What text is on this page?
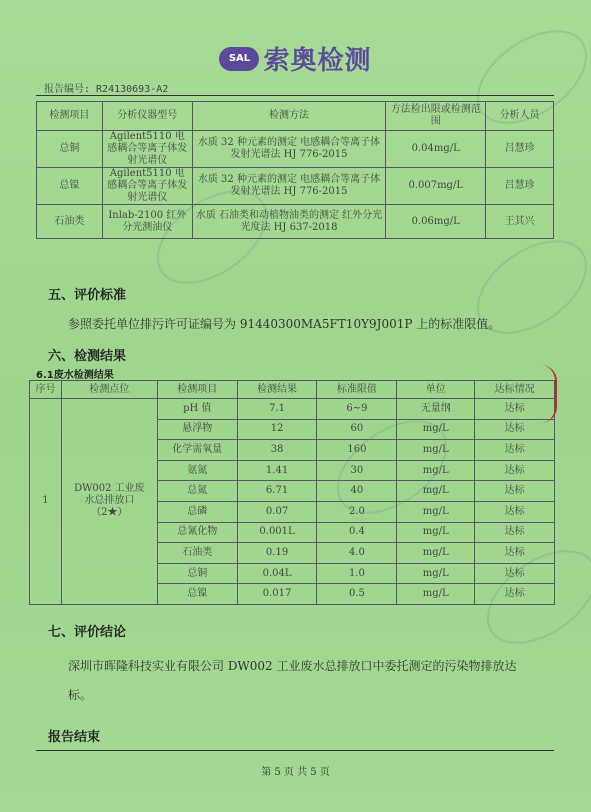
SAL 索奥检测
报告编号: R24130693-A2
检测项目	分析仪器型号	检测方法	方法检出限或检测范围	分析人员
总铜	Agilent5110 电感耦合等离子体发射光谱仪	水质 32 种元素的测定 电感耦合等离子体发射光谱法 HJ 776-2015	0.04mg/L	吕慧珍
总镍	Agilent5110 电感耦合等离子体发射光谱仪	水质 32 种元素的测定 电感耦合等离子体发射光谱法 HJ 776-2015	0.007mg/L	吕慧珍
石油类	Inlab-2100 红外分光测油仪	水质 石油类和动植物油类的测定 红外分光光度法 HJ 637-2018	0.06mg/L	王其兴
五、评价标准
参照委托单位排污许可证编号为 91440300MA5FT10Y9J001P 上的标准限值。
六、检测结果
6.1废水检测结果
序号	检测点位	检测项目	检测结果	标准限值	单位	达标情况
1	DW002 工业废水总排放口（2★）	pH 值	7.1	6~9	无量纲	达标
		悬浮物	12	60	mg/L	达标
		化学需氧量	38	160	mg/L	达标
		氨氮	1.41	30	mg/L	达标
		总氮	6.71	40	mg/L	达标
		总磷	0.07	2.0	mg/L	达标
		总氰化物	0.001L	0.4	mg/L	达标
		石油类	0.19	4.0	mg/L	达标
		总铜	0.04L	1.0	mg/L	达标
		总镍	0.017	0.5	mg/L	达标
七、评价结论
深圳市晖隆科技实业有限公司 DW002 工业废水总排放口中委托测定的污染物排放达标。
报告结束
第 5 页 共 5 页
